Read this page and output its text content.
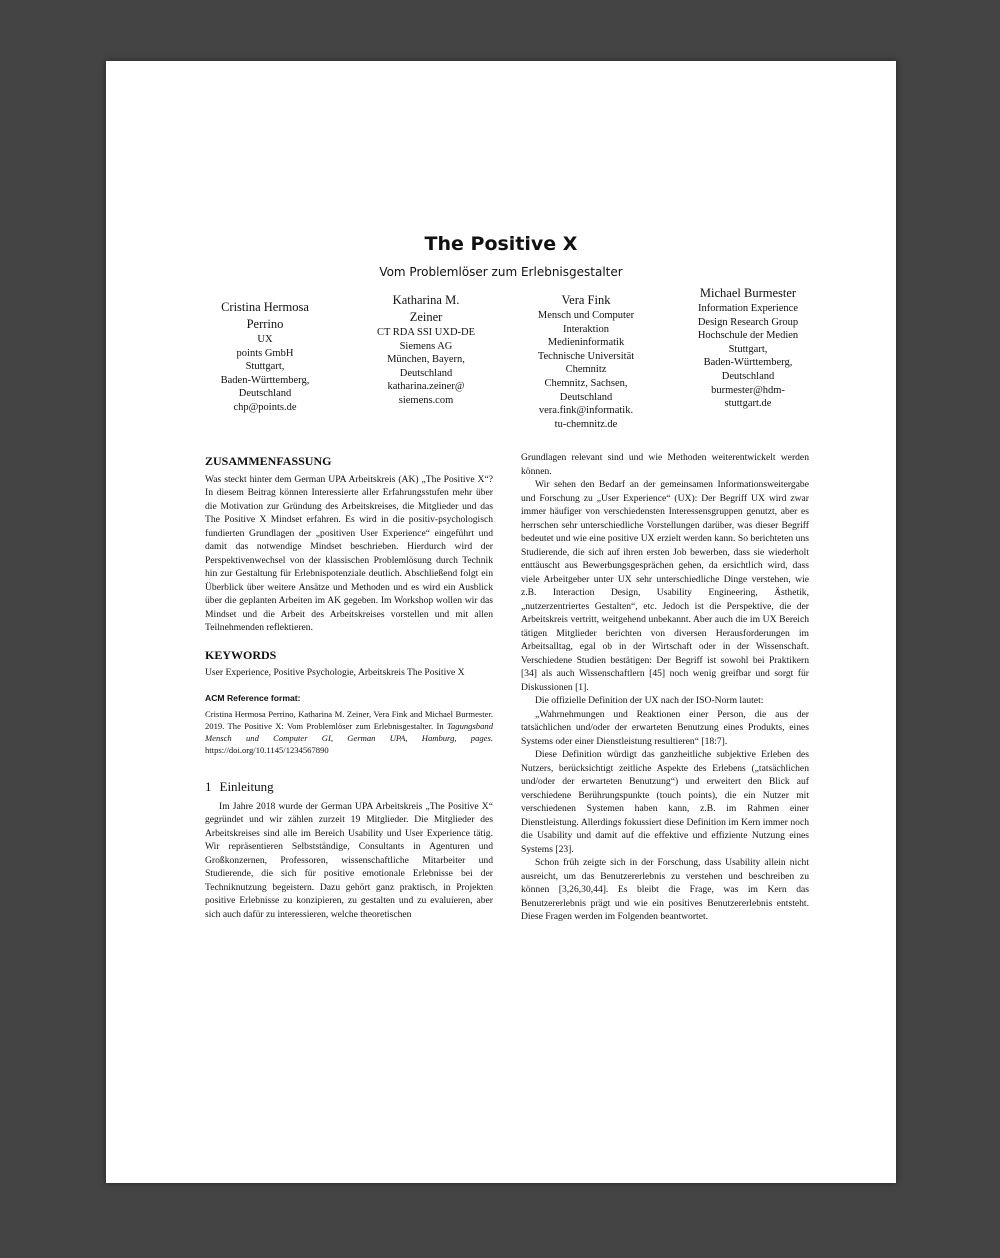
The Positive X
Vom Problemlöser zum Erlebnisgestalter
Cristina Hermosa
Perrino
UX
points GmbH
Stuttgart,
Baden-Württemberg,
Deutschland
chp@points.de
Katharina M.
Zeiner
CT RDA SSI UXD-DE
Siemens AG
München, Bayern,
Deutschland
katharina.zeiner@
siemens.com
Vera Fink
Mensch und Computer
Interaktion
Medieninformatik
Technische Universität
Chemnitz
Chemnitz, Sachsen,
Deutschland
vera.fink@informatik.
tu-chemnitz.de
Michael Burmester
Information Experience
Design Research Group
Hochschule der Medien
Stuttgart,
Baden-Württemberg,
Deutschland
burmester@hdm-
stuttgart.de
ZUSAMMENFASSUNG

Was steckt hinter dem German UPA Arbeitskreis (AK) „The Positive X“? In diesem Beitrag können Interessierte aller Erfahrungsstufen mehr über die Motivation zur Gründung des Arbeitskreises, die Mitglieder und das The Positive X Mindset erfahren. Es wird in die positiv-psychologisch fundierten Grundlagen der „positiven User Experience“ eingeführt und damit das notwendige Mindset beschrieben. Hierdurch wird der Perspektivenwechsel von der klassischen Problemlösung durch Technik hin zur Gestaltung für Erlebnispotenziale deutlich. Abschließend folgt ein Überblick über weitere Ansätze und Methoden und es wird ein Ausblick über die geplanten Arbeiten im AK gegeben. Im Workshop wollen wir das Mindset und die Arbeit des Arbeitskreises vorstellen und mit allen Teilnehmenden reflektieren.

KEYWORDS

User Experience, Positive Psychologie, Arbeitskreis The Positive X

ACM Reference format:

Cristina Hermosa Perrino, Katharina M. Zeiner, Vera Fink and Michael Burmester. 2019. The Positive X: Vom Problemlöser zum Erlebnisgestalter. In Tagungsband Mensch und Computer GI, German UPA, Hamburg, pages. https://doi.org/10.1145/1234567890

1 Einleitung

Im Jahre 2018 wurde der German UPA Arbeitskreis „The Positive X“ gegründet und wir zählen zurzeit 19 Mitglieder. Die Mitglieder des Arbeitskreises sind alle im Bereich Usability und User Experience tätig. Wir repräsentieren Selbstständige, Consultants in Agenturen und Großkonzernen, Professoren, wissenschaftliche Mitarbeiter und Studierende, die sich für positive emotionale Erlebnisse bei der Techniknutzung begeistern. Dazu gehört ganz praktisch, in Projekten positive Erlebnisse zu konzipieren, zu gestalten und zu evaluieren, aber sich auch dafür zu interessieren, welche theoretischen

Grundlagen relevant sind und wie Methoden weiterentwickelt werden können.

Wir sehen den Bedarf an der gemeinsamen Informationsweitergabe und Forschung zu „User Experience“ (UX): Der Begriff UX wird zwar immer häufiger von verschiedensten Interessensgruppen genutzt, aber es herrschen sehr unterschiedliche Vorstellungen darüber, was dieser Begriff bedeutet und wie eine positive UX erzielt werden kann. So berichteten uns Studierende, die sich auf ihren ersten Job bewerben, dass sie wiederholt enttäuscht aus Bewerbungsgesprächen gehen, da ersichtlich wird, dass viele Arbeitgeber unter UX sehr unterschiedliche Dinge verstehen, wie z.B. Interaction Design, Usability Engineering, Ästhetik, „nutzerzentriertes Gestalten“, etc. Jedoch ist die Perspektive, die der Arbeitskreis vertritt, weitgehend unbekannt. Aber auch die im UX Bereich tätigen Mitglieder berichten von diversen Herausforderungen im Arbeitsalltag, egal ob in der Wirtschaft oder in der Wissenschaft. Verschiedene Studien bestätigen: Der Begriff ist sowohl bei Praktikern [34] als auch Wissenschaftlern [45] noch wenig greifbar und sorgt für Diskussionen [1].

Die offizielle Definition der UX nach der ISO-Norm lautet:

„Wahrnehmungen und Reaktionen einer Person, die aus der tatsächlichen und/oder der erwarteten Benutzung eines Produkts, eines Systems oder einer Dienstleistung resultieren“ [18:7].

Diese Definition würdigt das ganzheitliche subjektive Erleben des Nutzers, berücksichtigt zeitliche Aspekte des Erlebens („tatsächlichen und/oder der erwarteten Benutzung“) und erweitert den Blick auf verschiedene Berührungspunkte (touch points), die ein Nutzer mit verschiedenen Systemen haben kann, z.B. im Rahmen einer Dienstleistung. Allerdings fokussiert diese Definition im Kern immer noch die Usability und damit auf die effektive und effiziente Nutzung eines Systems [23].

Schon früh zeigte sich in der Forschung, dass Usability allein nicht ausreicht, um das Benutzererlebnis zu verstehen und beschreiben zu können [3,26,30,44]. Es bleibt die Frage, was im Kern das Benutzererlebnis prägt und wie ein positives Benutzererlebnis entsteht. Diese Fragen werden im Folgenden beantwortet.
